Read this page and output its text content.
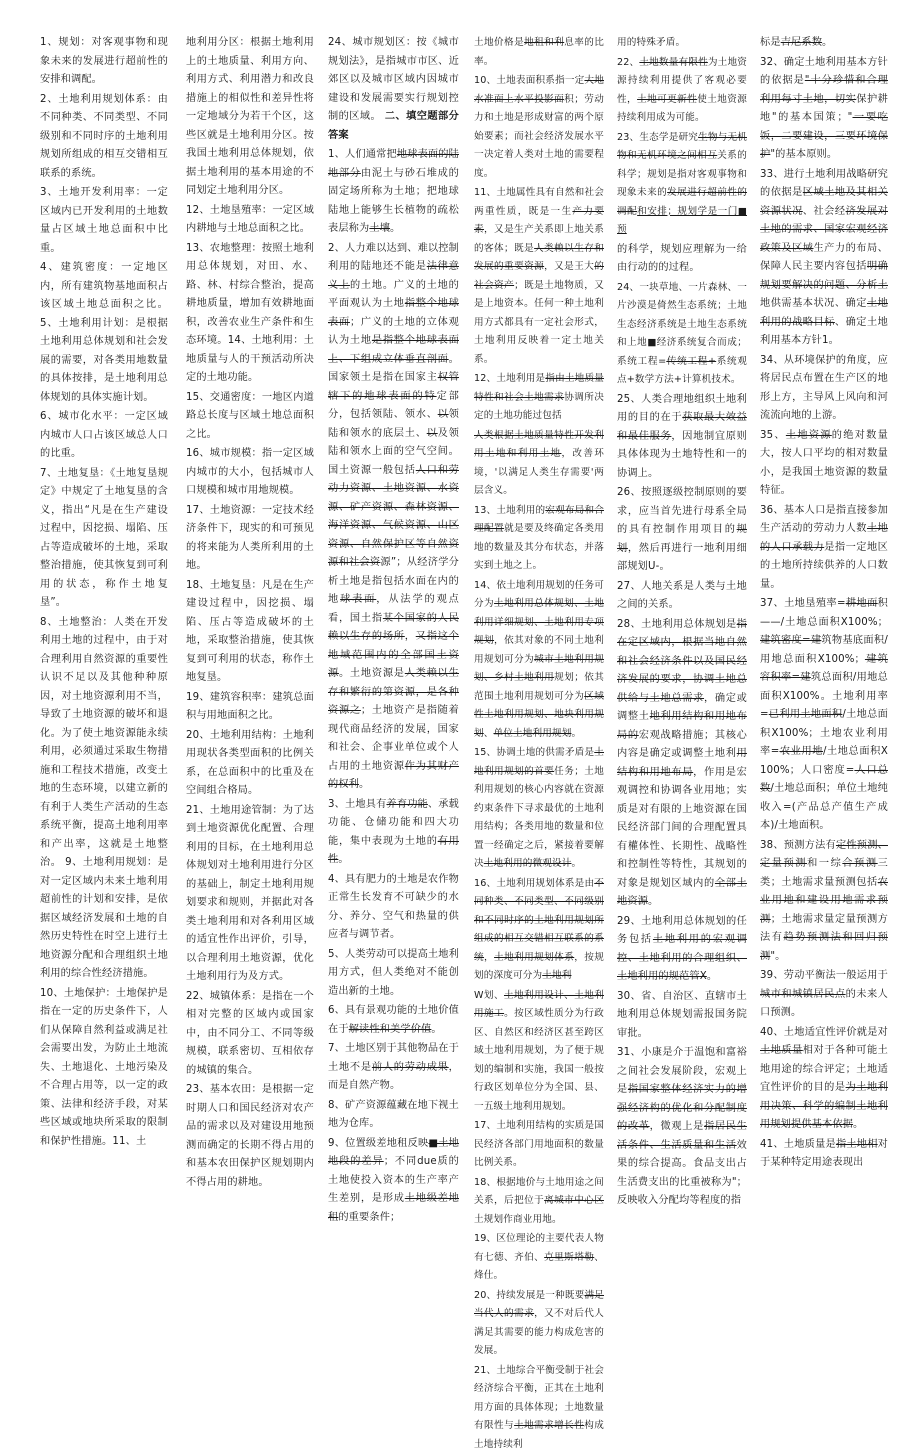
1、规划：对客观事物和现象未来的发展进行超前性的安排和调配。

2、土地利用规划体系：由不同种类、不同类型、不同级别和不同时序的土地利用规划所组成的相互交错相互联系的系统。

3、土地开发利用率：一定区域内已开发利用的土地数量占区域土地总面积中比重。

4、建筑密度：一定地区内，所有建筑物基地面积占该区域土地总面积之比。 5、土地利用计划：是根据土地利用总体规划和社会发展的需要，对各类用地数量的具体按排，是土地利用总体规划的具体实施计划。

6、城市化水平：一定区域内城市人口占该区域总人口的比重。

7、土地复垦：《土地复垦规定》中规定了土地复垦的含义，指出“凡是在生产建设过程中，因挖损、塌陷、压占等造成破坏的土地，采取整治措施，使其恢复到可利用的状态，称作土地复垦”。

8、土地整治：人类在开发利用土地的过程中，由于对合理利用自然资源的重要性认识不足以及其他种种原因，对土地资源利用不当，导致了土地资源的破坏和退化。为了使土地资源能永续利用，必须通过采取生物措施和工程技术措施，改变土地的生态环境，以建立新的有利于人类生产活动的生态系统平衡，提高土地利用率和产出率，这就是土地整治。 9、土地利用规划：是对一定区域内未来土地利用超前性的计划和安排，是依据区域经济发展和土地的自然历史特性在时空上进行土地资源分配和合理组织土地利用的综合性经济措施。

10、土地保护：土地保护是指在一定的历史条件下，人们从保障自然利益或满足社会需要出发，为防止土地流失、土地退化、土地污染及不合理占用等，以一定的政策、法律和经济手段，对某些区域或地块所采取的限制和保护性措施。11、土

地利用分区：根据土地利用上的土地质量、利用方向、利用方式、利用潜力和改良措施上的相似性和差异性将一定地域分为若干个区，这些区就是土地利用分区。按我国土地利用总体规划，依据土地利用的基本用途的不同划定土地利用分区。

12、土地垦殖率：一定区域内耕地与土地总面积之比。

13、农地整理：按照土地利用总体规划，对田、水、路、林、村综合整治，提高耕地质量，增加有效耕地面积，改善农业生产条件和生态环境。14、土地利用：土地质量与人的干预活动所决定的土地功能。

15、交通密度：一地区内道路总长度与区域土地总面积之比。

16、城市规模：指一定区域内城市的大小，包括城市人口规模和城市用地规模。

17、土地资源：一定技术经济条件下，现实的和可预见的将来能为人类所利用的土地。

18、土地复垦：凡是在生产建设过程中，因挖损、塌陷、压占等造成破坏的土地，采取整治措施，使其恢复到可利用的状态，称作土地复垦。

19、建筑容积率：建筑总面积与用地面积之比。

20、土地利用结构：土地利用现状各类型面积的比例关系，在总面积中的比重及在空间组合格局。

21、土地用途管制：为了达到土地资源优化配置、合理利用的目标，在土地利用总体规划对土地利用进行分区的基础上，制定土地利用规划要求和规则，并据此对各类土地利用和对各利用区域的适宜性作出评价，引导，以合理利用土地资源，优化土地利用行为及方式。

22、城镇体系：是指在一个相对完整的区域内或国家中，由不同分工、不同等级规模，联系密切、互相依存的城镇的集合。

23、基本农田：是根据一定时期人口和国民经济对农产品的需求以及对建设用地预测而确定的长期不得占用的和基本农田保护区规划期内不得占用的耕地。

24、城市规划区：按《城市规划法》，是指城市市区、近郊区以及城市区域内因城市建设和发展需要实行规划控制的区域。 二、填空题部分答案

1、人们通常把地球表面的陆地部分由泥土与砂石堆成的固定场所称为土地；把地球陆地上能够生长植物的疏松表层称为土壤。

2、人力难以达到、难以控制利用的陆地还不能是法律意义上的土地。广义的土地的平面观认为土地指整个地球表面；广义的土地的立体观认为土地是指整个地球表面上、下组成立体垂直剖面。国家领土是指在国家主权管辖下的地球表面的特定部分，包括领陆、领水、以领陆和领水的底层土、以及领陆和领水上面的空气空间。国土资源一般包括人口和劳动力资源、土地资源、水资源、矿产资源、森林资源、海洋资源、气候资源、山区资源、自然保护区等自然资源和社会资源”；从经济学分析土地是指包括水面在内的地球表面，从法学的观点看，国土指某个国家的人民赖以生存的场所，又指这个地域范围内的全部国土资源。土地资源是人类赖以生存和繁衍的第资源，是各种资源之；土地资产是指随着现代商品经济的发展，国家和社会、企事业单位或个人占用的土地资源作为其财产的权利。

3、土地具有养育功能、承载功能、仓储功能和四大功能，集中表现为土地的有用性。

4、具有肥力的土地是农作物正常生长发育不可缺少的水分、养分、空气和热量的供应者与调节者。

5、人类劳动可以提高土地利用方式，但人类绝对不能创造出新的土地。

6、具有景观功能的土地价值在于解读性和美学价值。

7、土地区别于其他物品在于土地不是前人的劳动成果，而是自然产物。

8、矿产资源蕴藏在地下视土地为仓库。

9、位置级差地租反映■土地地段的差异；不同due质的土地使投入资本的生产率产生差别，是形成土地级差地租的重要条件；

土地价格是地租和利息率的比率。

10、土地表面积系指一定大地水准面上水平投影面积；劳动力和土地是形成财富的两个原始要素；而社会经济发展水平一决定着人类对土地的需要程度。

11、土地属性具有自然和社会两重性质，既是一生产力要素，又是生产关系即上地关系的客体；既是人类赖以生存和发展的重要资源，又是王大的社会资产；既是土地物质，又是上地资本。任何一种土地利用方式都具有一定社会形式，土地利用反映着一定土地关系。

12、土地利用是指由土地质量特性和社会土地需求协调所决定的土地功能过包括

人类根据土地质量特性开发利用土地和利用土地，改善环境，'以满足人类生存需要'两层含义。

13、土地利用的宏观布局和合理配置就是要及终确定各类用地的数量及其分布状态，并落实到土地之上。

14、依土地利用规划的任务可分为土地利用总体规划、土地利用详细规划、土地利用专项规划，依其对象的不同土地利用规划可分为城市土地利用规划、乡村土地利用规划；依其范围土地利用规划可分为区域性土地利用规划、地块利用规划、单位土地利用规划。

15、协调土地的供需矛盾是土地利用规划的首要任务；土地利用规划的核心内容就在资源约束条件下寻求最优的土地利用结构；各类用地的数量和位置一经确定之后，紧接着要解决土地利用的微观设计。

16、土地利用规划体系是由不同种类、不同类型、不同级别和不同时序的土地利用规划所组成的相互交错相互联系的系统，土地利用规划体系，按规划的深度可分为土地利

W划、土地利用设计、土地利用施工。按区域性质分为行政区、自然区和经济区甚至跨区域土地利用规划，为了便于规划的编制和实施，我国一般按行政区划单位分为全国、县、一五级土地利用规划。

17、土地利用结构的实质是国民经济各部门用地面积的数量比例关系。

18、根据地价与土地用途之间关系，后把位于离城市中心区土规划作商业用地。

19、区位理论的主要代表人物有七德、齐伯、克里斯塔勒、烽仕。

20、持续发展是一种既要满足当代人的需求，又不对后代人满足其需要的能力构成危害的发展。

21、土地综合平衡受制于社会经济综合平衡，正其在土地利用方面的具体体现；土地数量有限性与土地需求增长性构成土地持续利

用的特殊矛盾。

22、土地数量有限性为土地资源持续利用提供了客观必要性，土地可更新性使土地资源持续利用成为可能。

23、生态学是研究生物与无机物和无机环境之间相互关系的科学；规划是指对客观事物和现象未来的发展进行超前性的调配和安排；规划学是一门■预

的科学，规划应理解为一给由行动的的过程。

24、一块草地、一片森林、一片沙漠是倚然生态系统；土地生态经济系统是土地生态系统和上地■经济系统复合而成；系统工程=传统工程+系统观点+数学方法+计算机技术。

25、人类合理地组织土地利用的目的在于获取最大效益和最佳服务，因地制宜原则具体体现为土地特性和一的协调上。

26、按照逐级控制原则的要求，应当首先进行母系全局的具有控制作用项目的规划，然后再进行一地利用细部规划U-。

27、人地关系是人类与土地之间的关系。

28、土地利用总体规划是指在定区域内，根据当地自然和社会经济条件以及国民经济发展的要求，协调土地总供给与土地总需求，确定或调整土地利用结构和用地布局的宏观战略措施；其核心内容是确定或调整土地利用结构和用地布局，作用是宏观调控和协调各业用地；实质是对有限的上地资源在国民经济部门间的合理配置具有權体性、长期性、战略性和控制性等特性，其规划的对象是规划区域内的全部土地资源。

29、土地利用总体规划的任务包括土地利用的宏观调控、土地利用的合理组织、土地利用的规范管X。

30、省、自治区、直辖市土地利用总体规划需报国务院审批。

31、小康是介于温饱和富裕之间社会发展阶段，宏观上是指国家整体经济实力的增强经济构的优化和分配制度的改革，微观上是指居民生活条件、生活质量和生活效果的综合提高。食品支出占生活费支出的比重被称为"；反映收入分配均等程度的指

标是吉尼系数。

32、确定土地利用基本方针的依据是"十分珍惜和合理利用每寸土地，切实保护耕地"的基本国策；"一要吃饭，二要建设，三要环境保护"的基本原则。

33、进行土地利用战略研究的依据是区域土地及其相关资源状况、社会经济发展对土地的需求、国家宏观经济政策及区域生产力的布局、保障人民主要内容包括明确规划要解决的问题、分析土地供需基本状况、确定土地利用的战略目标、确定土地利用基本方针1。

34、从环境保护的角度，应将居民点布置在生产区的地形上方，主导风上风向和河流流向地的上游。

35、土地资源的绝对数量大，按人口平均的相对数量小，是我国土地资源的数量特征。

36、基本人口是指直接参加生产活动的劳动力人数土地的人口承载力是指一定地区的土地所持续供养的人口数量。

37、土地垦殖率=耕地面积——/土地总面积X100%；建筑密度=建筑物基底面积/用地总面积X100%；建筑容积率=建筑总面积/用地总面积X100%。土地利用率=已利用土地面积/土地总面积X100%；土地农业利用率=农业用地/土地总面积X100%；人口密度=人口总数/土地总面积；单位土地纯收入=(产品总产值生产成本)/土地面积。

38、预测方法有定性预测、定量预测和一综合预测三类；土地需求量预测包括农业用地和建设用地需求预测；土地需求量定量预测方法有趋势预测法和回归预测"。

39、劳动平衡法一般运用于城市和城镇居民点的未来人口预测。

40、土地适宜性评价就是对土地质量相对于各种可能土地用途的综合评定；土地适宜性评价的目的是为土地利用决策、科学的编制土地利用规划提供基本依据。

41、土地质量是指土地相对于某种特定用途表现出
